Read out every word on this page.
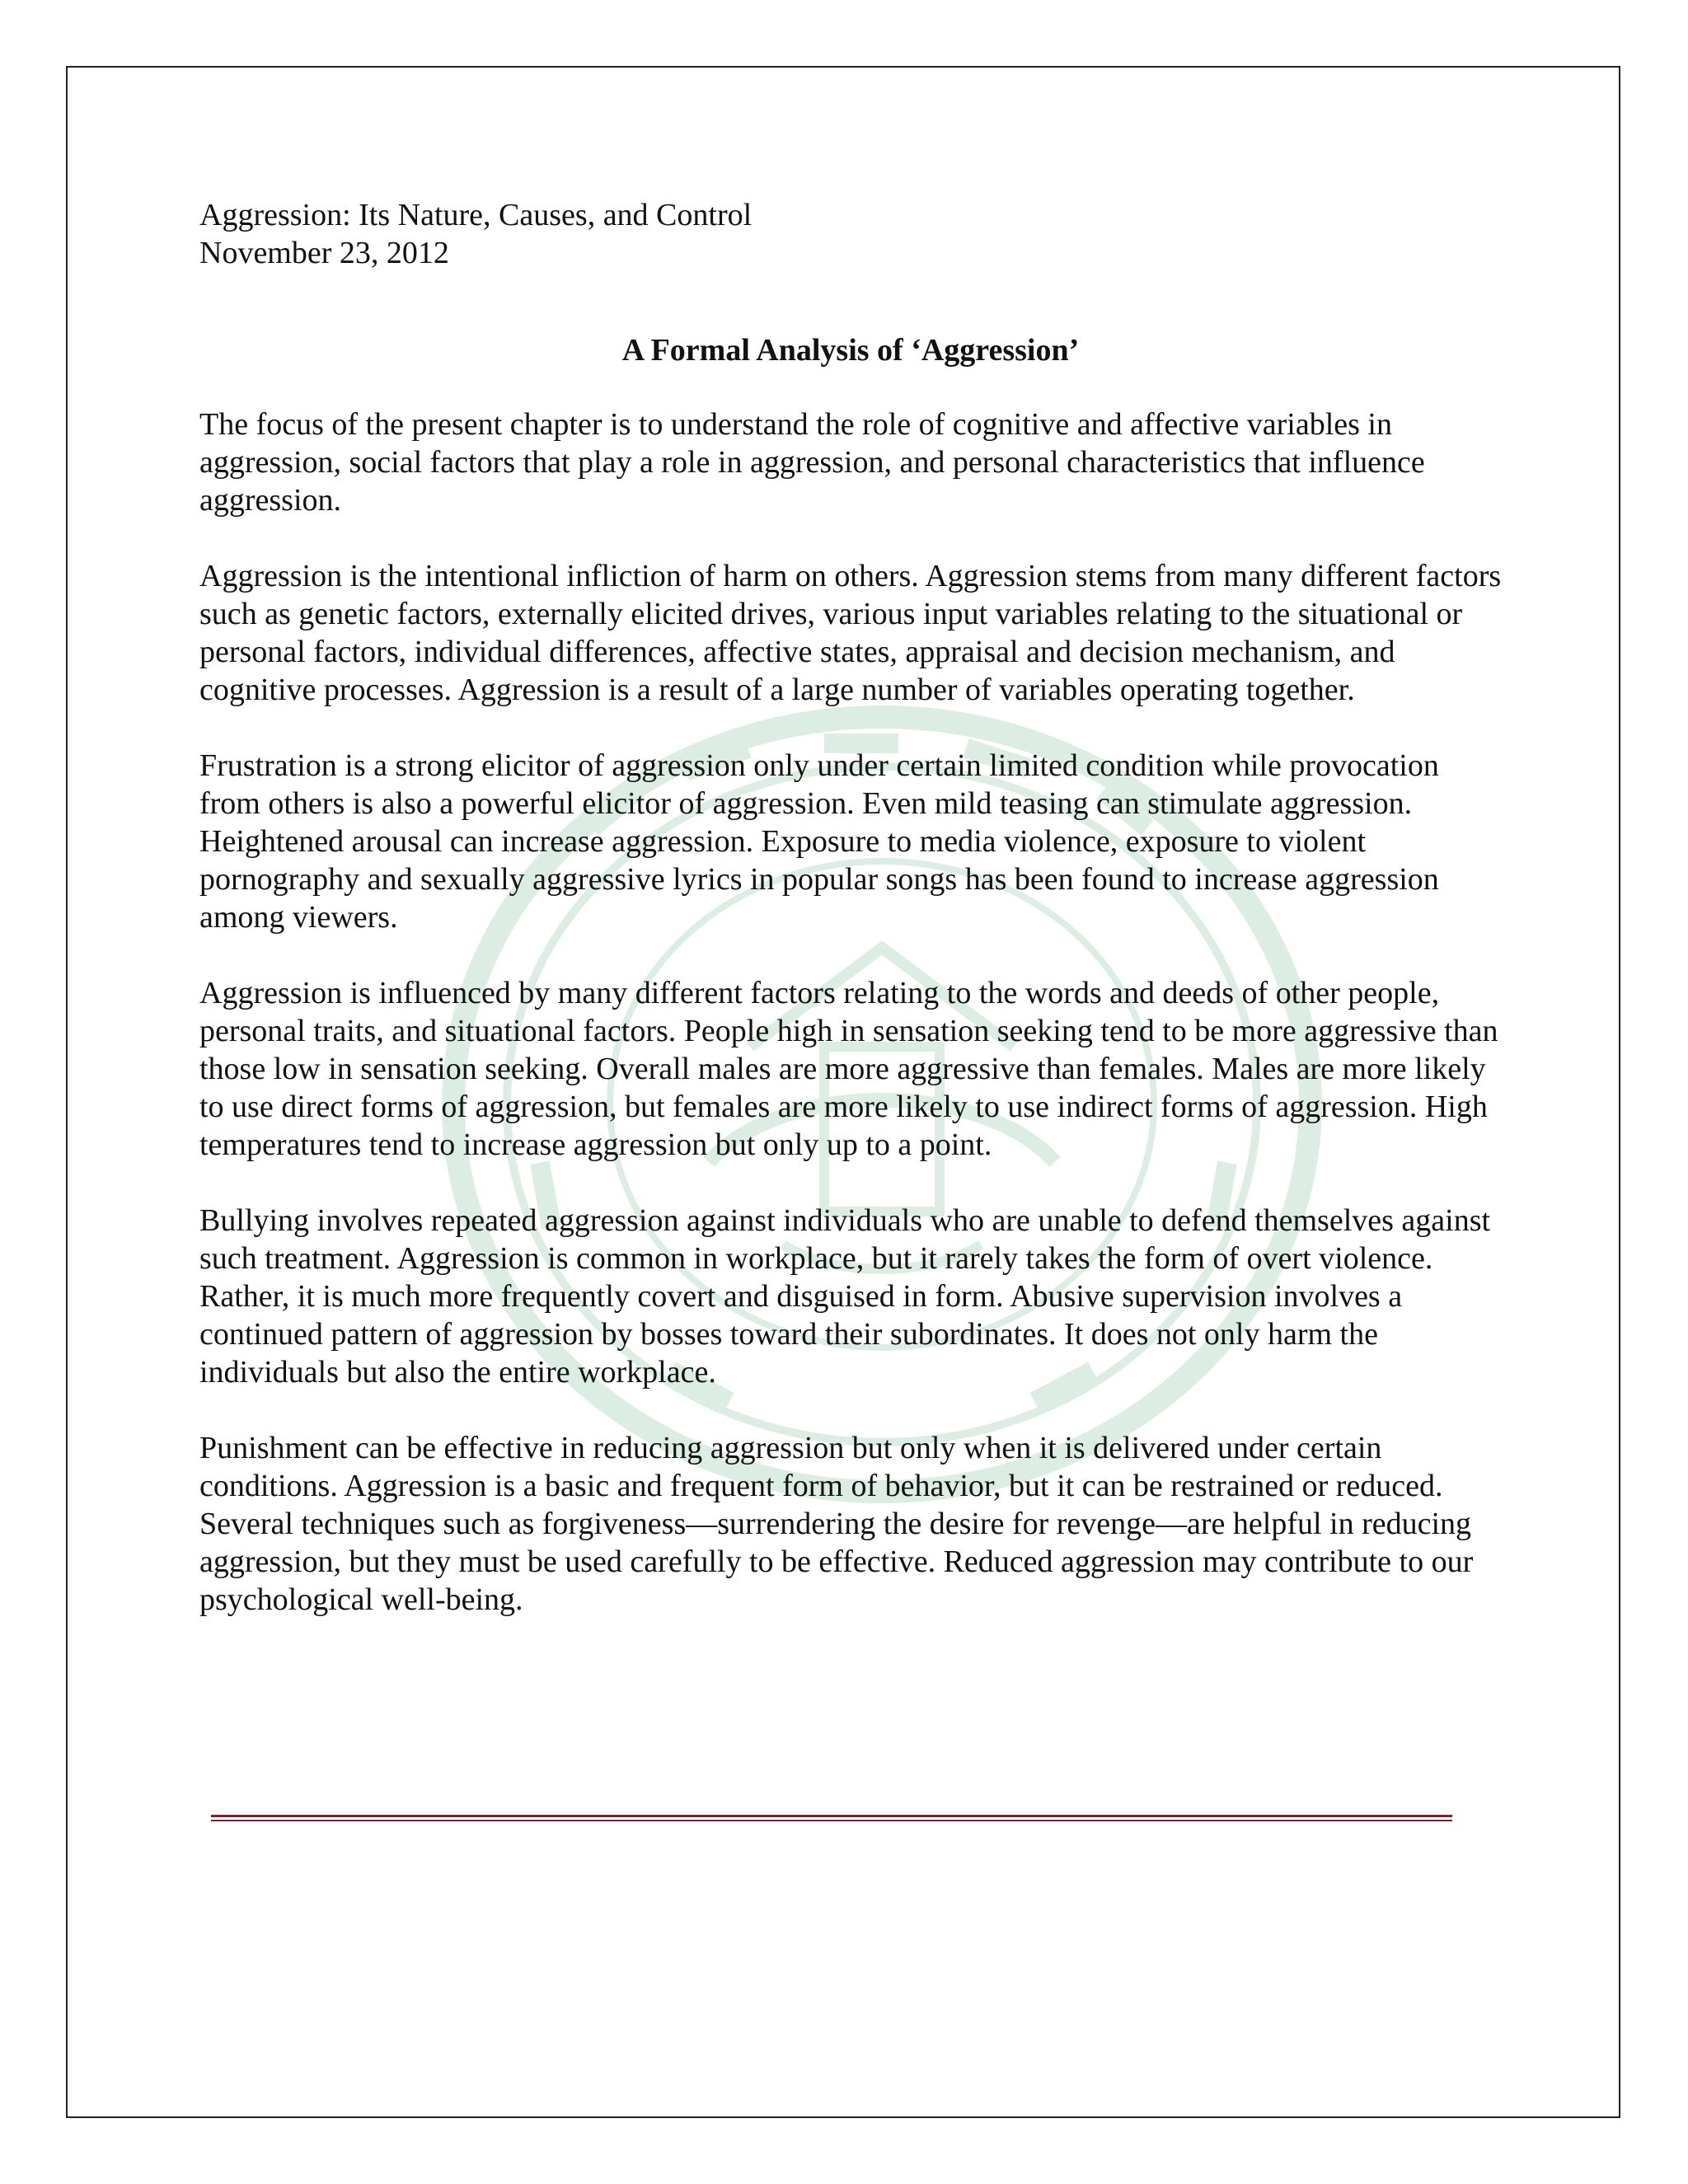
Aggression: Its Nature, Causes, and Control

November 23, 2012

A Formal Analysis of ‘Aggression’

The focus of the present chapter is to understand the role of cognitive and affective variables in aggression, social factors that play a role in aggression, and personal characteristics that influence aggression.

Aggression is the intentional infliction of harm on others. Aggression stems from many different factors such as genetic factors, externally elicited drives, various input variables relating to the situational or personal factors, individual differences, affective states, appraisal and decision mechanism, and cognitive processes. Aggression is a result of a large number of variables operating together.

Frustration is a strong elicitor of aggression only under certain limited condition while provocation from others is also a powerful elicitor of aggression. Even mild teasing can stimulate aggression. Heightened arousal can increase aggression. Exposure to media violence, exposure to violent pornography and sexually aggressive lyrics in popular songs has been found to increase aggression among viewers.

Aggression is influenced by many different factors relating to the words and deeds of other people, personal traits, and situational factors. People high in sensation seeking tend to be more aggressive than those low in sensation seeking. Overall males are more aggressive than females. Males are more likely to use direct forms of aggression, but females are more likely to use indirect forms of aggression. High temperatures tend to increase aggression but only up to a point.

Bullying involves repeated aggression against individuals who are unable to defend themselves against such treatment. Aggression is common in workplace, but it rarely takes the form of overt violence. Rather, it is much more frequently covert and disguised in form. Abusive supervision involves a continued pattern of aggression by bosses toward their subordinates. It does not only harm the individuals but also the entire workplace.

Punishment can be effective in reducing aggression but only when it is delivered under certain conditions. Aggression is a basic and frequent form of behavior, but it can be restrained or reduced. Several techniques such as forgiveness—surrendering the desire for revenge—are helpful in reducing aggression, but they must be used carefully to be effective. Reduced aggression may contribute to our psychological well-being.
